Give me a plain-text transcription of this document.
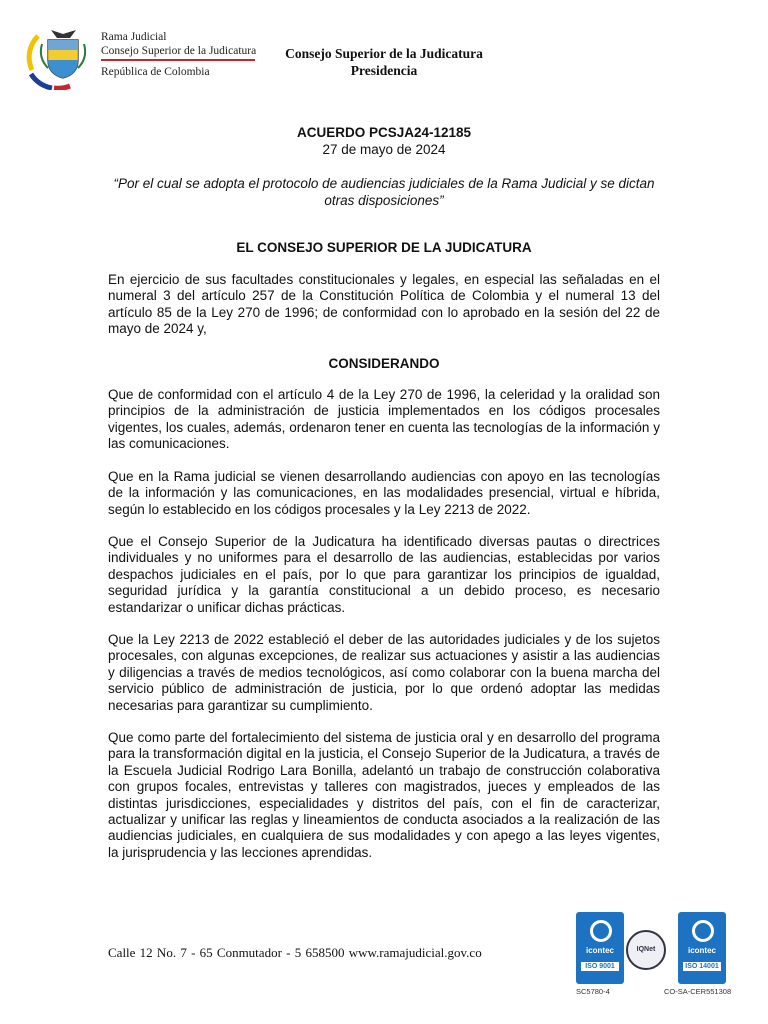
Rama Judicial
Consejo Superior de la Judicatura
República de Colombia
Consejo Superior de la Judicatura
Presidencia
ACUERDO PCSJA24-12185
27 de mayo de 2024
“Por el cual se adopta el protocolo de audiencias judiciales de la Rama Judicial y se dictan otras disposiciones”
EL CONSEJO SUPERIOR DE LA JUDICATURA

En ejercicio de sus facultades constitucionales y legales, en especial las señaladas en el numeral 3 del artículo 257 de la Constitución Política de Colombia y el numeral 13 del artículo 85 de la Ley 270 de 1996; de conformidad con lo aprobado en la sesión del 22 de mayo de 2024 y,

CONSIDERANDO

Que de conformidad con el artículo 4 de la Ley 270 de 1996, la celeridad y la oralidad son principios de la administración de justicia implementados en los códigos procesales vigentes, los cuales, además, ordenaron tener en cuenta las tecnologías de la información y las comunicaciones.

Que en la Rama judicial se vienen desarrollando audiencias con apoyo en las tecnologías de la información y las comunicaciones, en las modalidades presencial, virtual e híbrida, según lo establecido en los códigos procesales y la Ley 2213 de 2022.

Que el Consejo Superior de la Judicatura ha identificado diversas pautas o directrices individuales y no uniformes para el desarrollo de las audiencias, establecidas por varios despachos judiciales en el país, por lo que para garantizar los principios de igualdad, seguridad jurídica y la garantía constitucional a un debido proceso, es necesario estandarizar o unificar dichas prácticas.

Que la Ley 2213 de 2022 estableció el deber de las autoridades judiciales y de los sujetos procesales, con algunas excepciones, de realizar sus actuaciones y asistir a las audiencias y diligencias a través de medios tecnológicos, así como colaborar con la buena marcha del servicio público de administración de justicia, por lo que ordenó adoptar las medidas necesarias para garantizar su cumplimiento.

Que como parte del fortalecimiento del sistema de justicia oral y en desarrollo del programa para la transformación digital en la justicia, el Consejo Superior de la Judicatura, a través de la Escuela Judicial Rodrigo Lara Bonilla, adelantó un trabajo de construcción colaborativa con grupos focales, entrevistas y talleres con magistrados, jueces y empleados de las distintas jurisdicciones, especialidades y distritos del país, con el fin de caracterizar, actualizar y unificar las reglas y lineamientos de conducta asociados a la realización de las audiencias judiciales, en cualquiera de sus modalidades y con apego a las leyes vigentes, la jurisprudencia y las lecciones aprendidas.

Calle 12 No. 7 - 65 Conmutador - 5 658500 www.ramajudicial.gov.co	icontec
ISO 9001
SC5780-4
IQNet	icontec
ISO 14001
CO-SA-CER551308
